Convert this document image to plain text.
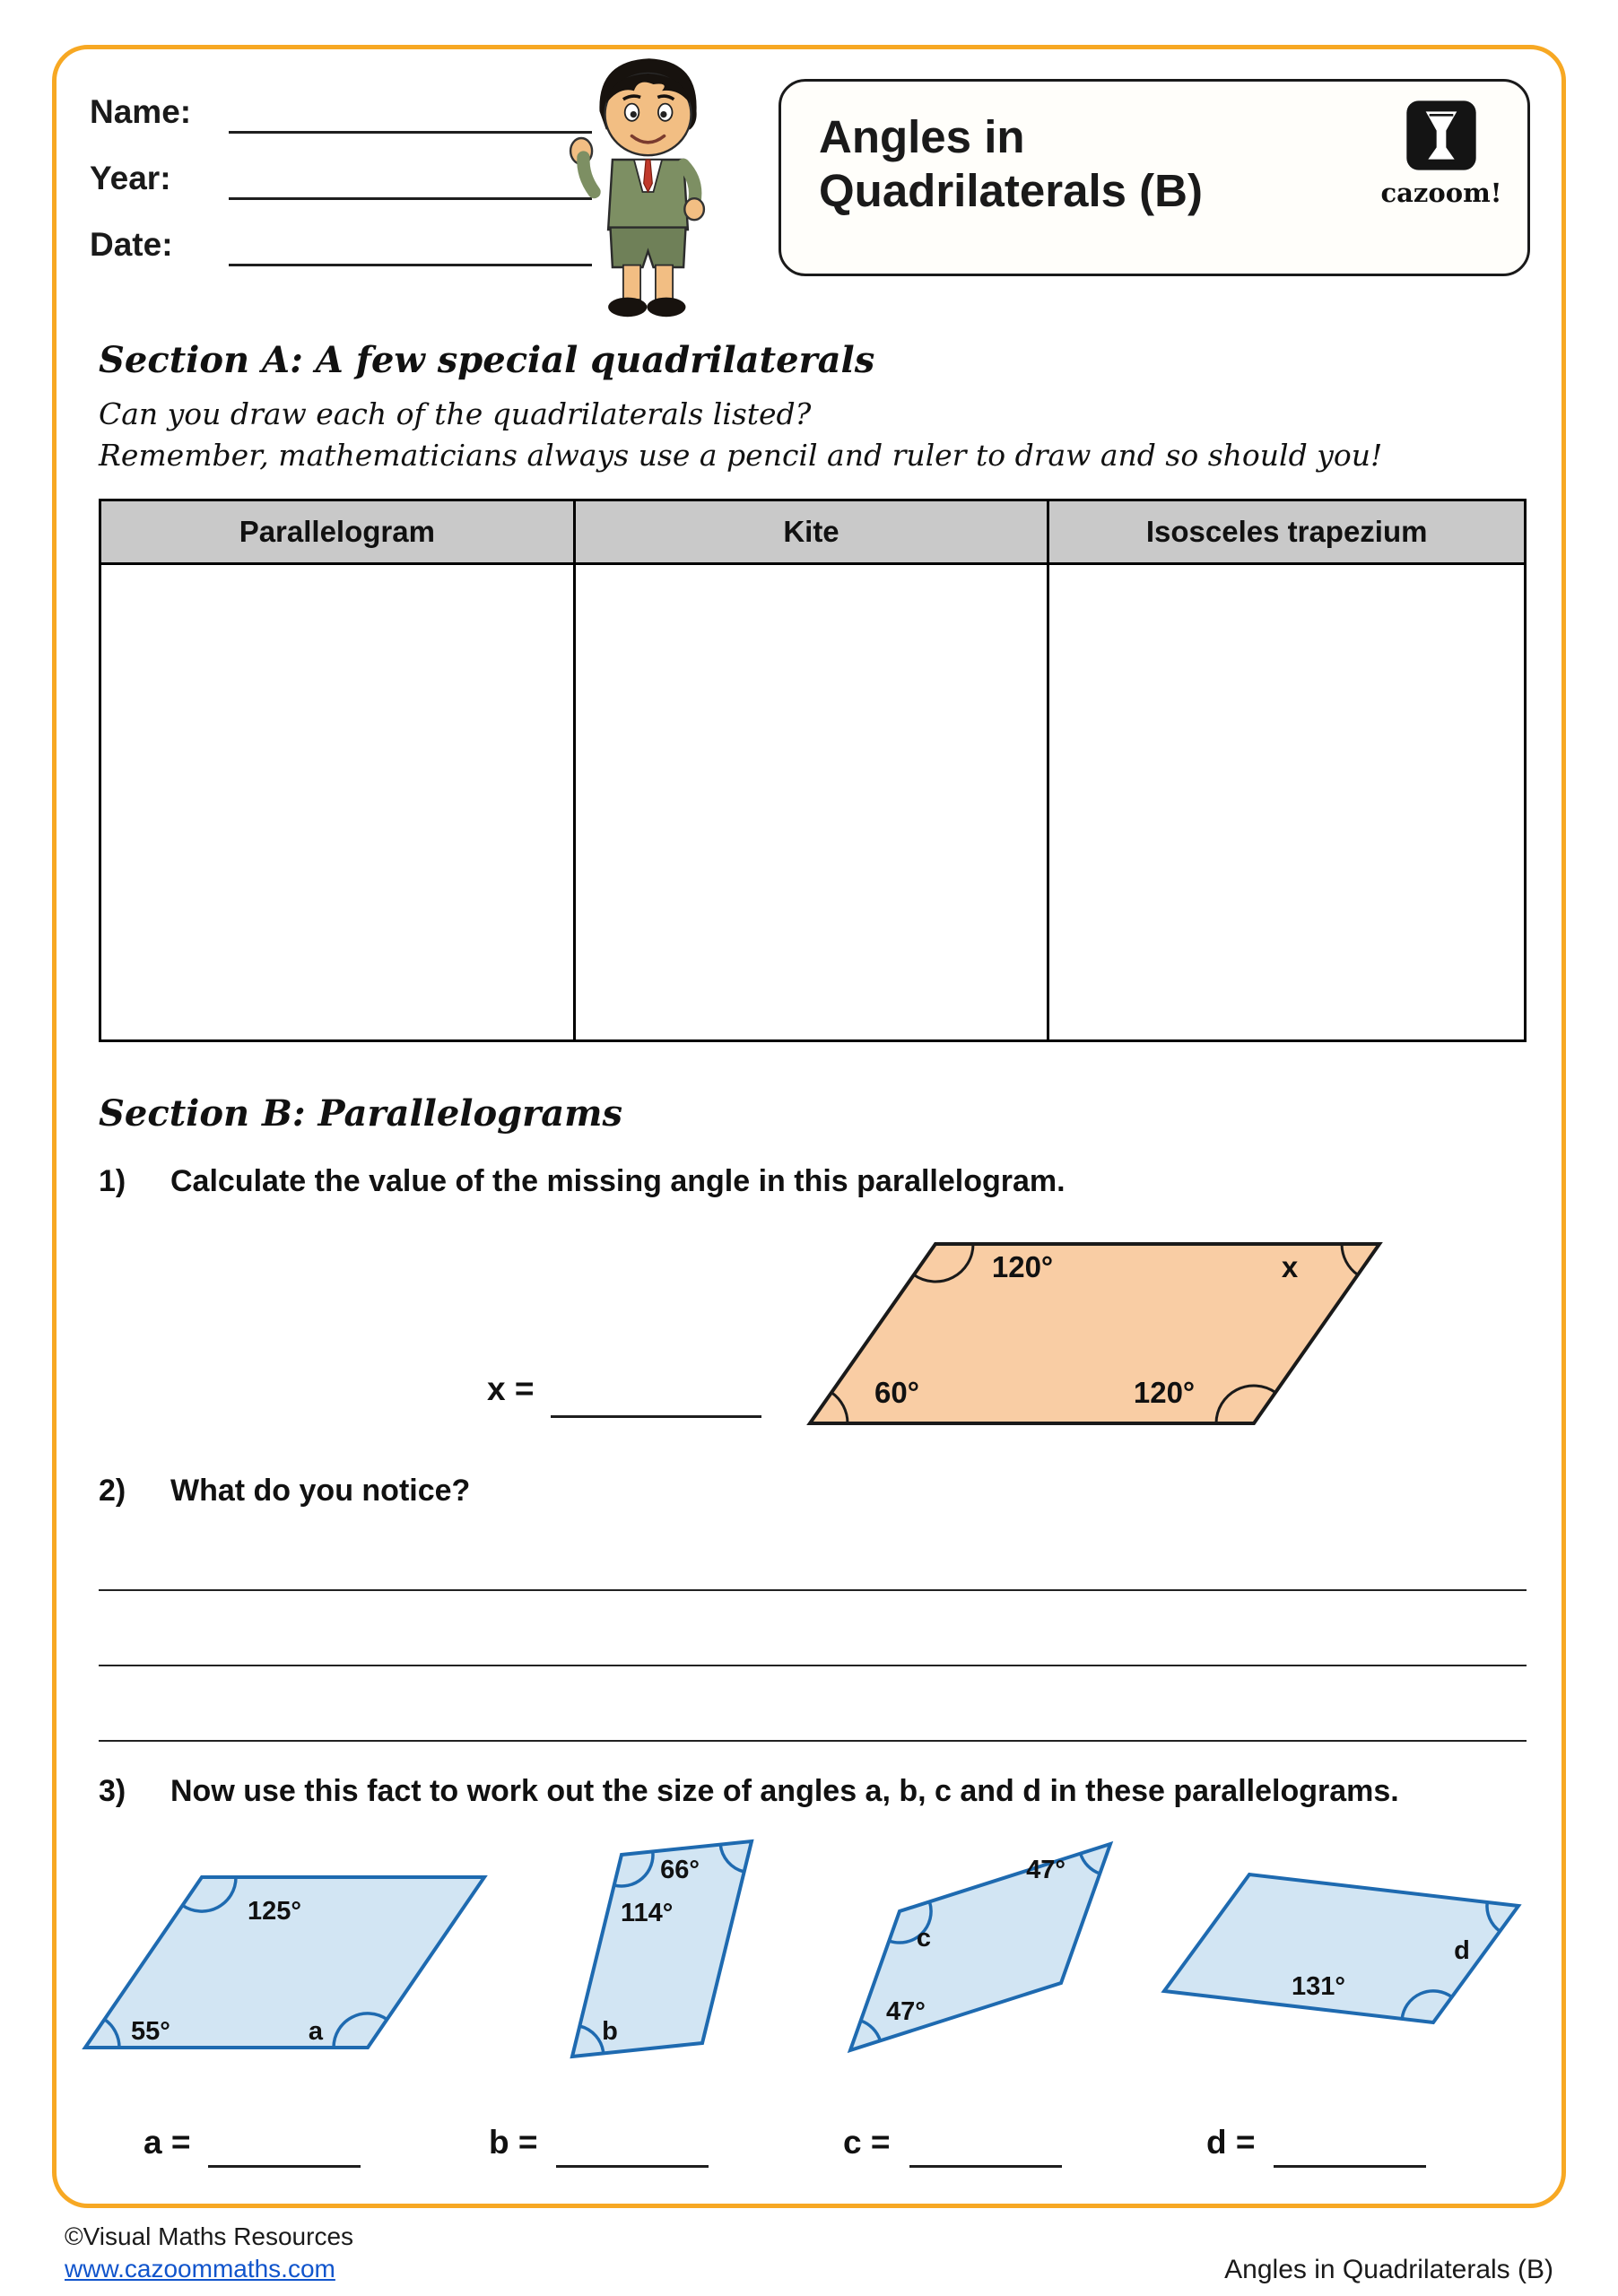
Name:
Year:
Date:
Angles in
Quadrilaterals (B)	cazoom!
Section A: A few special quadrilaterals
Can you draw each of the quadrilaterals listed?
Remember, mathematicians always use a pencil and ruler to draw and so should you!
Parallelogram	Kite	Isosceles trapezium
Section B: Parallelograms
1) Calculate the value of the missing angle in this parallelogram.
120°	x
60°	120°
x =
2) What do you notice?
3) Now use this fact to work out the size of angles a, b, c and d in these parallelograms.
125°
55°	a
66°
114°
b
47°
c
47°
131°
d
a =	b =	c =	d =
©Visual Maths Resources
www.cazoommaths.com	Angles in Quadrilaterals (B)
